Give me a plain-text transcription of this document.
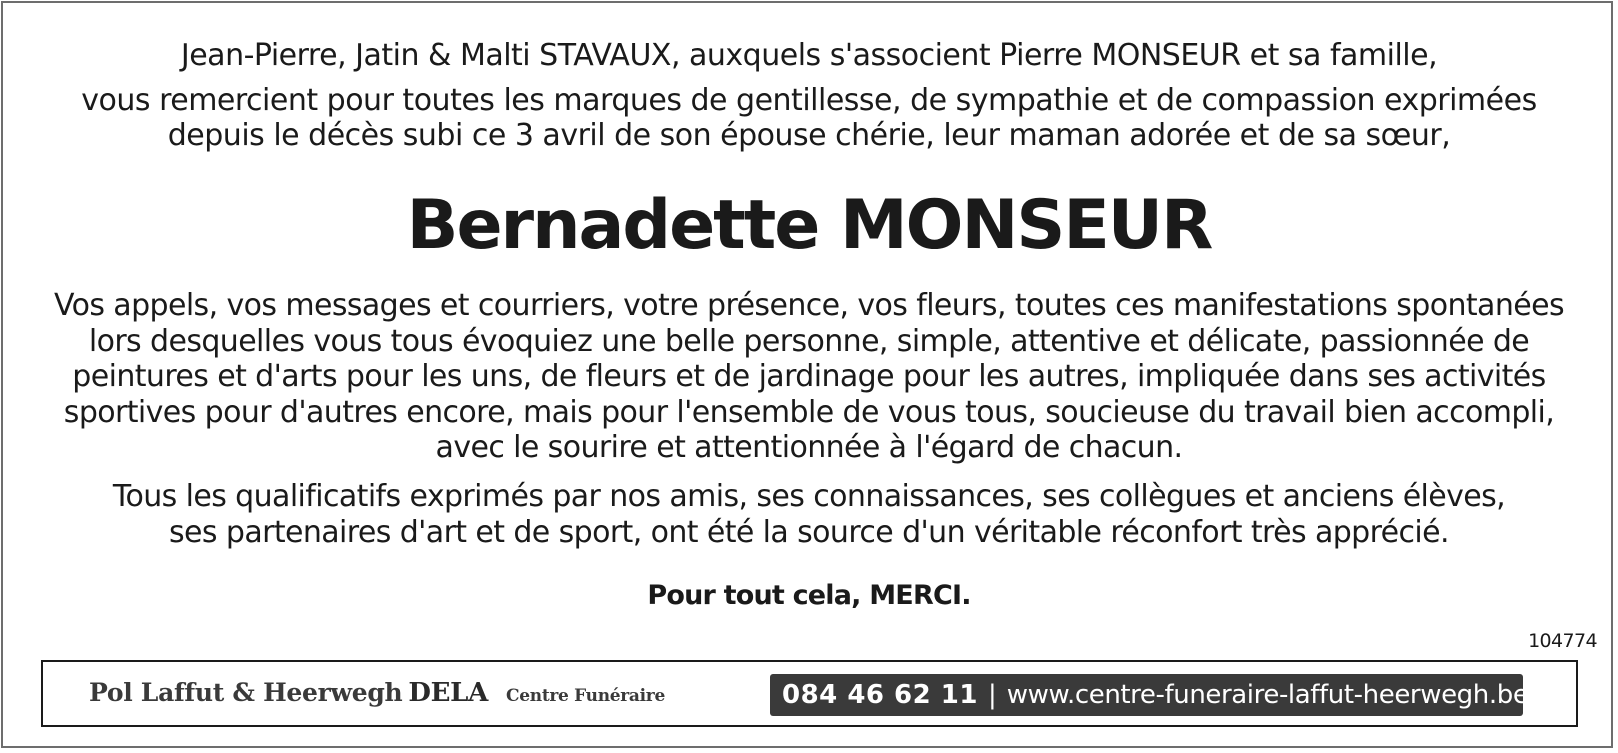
Jean-Pierre, Jatin & Malti STAVAUX, auxquels s'associent Pierre MONSEUR et sa famille,
vous remercient pour toutes les marques de gentillesse, de sympathie et de compassion exprimées
depuis le décès subi ce 3 avril de son épouse chérie, leur maman adorée et de sa sœur,
Bernadette MONSEUR
Vos appels, vos messages et courriers, votre présence, vos fleurs, toutes ces manifestations spontanées
lors desquelles vous tous évoquiez une belle personne, simple, attentive et délicate, passionnée de
peintures et d'arts pour les uns, de fleurs et de jardinage pour les autres, impliquée dans ses activités
sportives pour d'autres encore, mais pour l'ensemble de vous tous, soucieuse du travail bien accompli,
avec le sourire et attentionnée à l'égard de chacun.
Tous les qualificatifs exprimés par nos amis, ses connaissances, ses collègues et anciens élèves,
ses partenaires d'art et de sport, ont été la source d'un véritable réconfort très apprécié.
Pour tout cela, MERCI.
104774
Pol Laffut & Heerwegh DELA Centre Funéraire	084 46 62 11 | www.centre-funeraire-laffut-heerwegh.be
